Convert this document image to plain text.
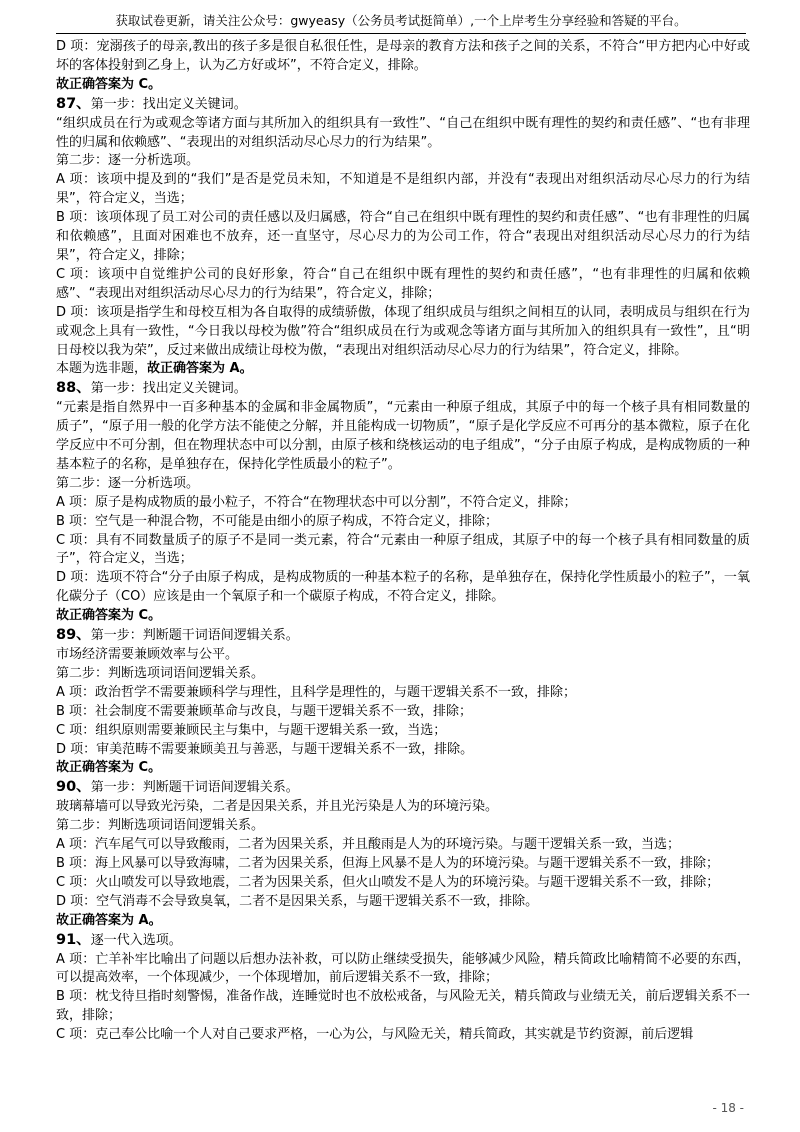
获取试卷更新，请关注公众号：gwyeasy（公务员考试挺简单）,一个上岸考生分享经验和答疑的平台。

D 项：宠溺孩子的母亲,教出的孩子多是很自私很任性，是母亲的教育方法和孩子之间的关系，不符合“甲方把内心中好或坏的客体投射到乙身上，认为乙方好或坏”，不符合定义，排除。

故正确答案为 C。

87、第一步：找出定义关键词。

“组织成员在行为或观念等诸方面与其所加入的组织具有一致性”、“自己在组织中既有理性的契约和责任感”、“也有非理性的归属和依赖感”、“表现出的对组织活动尽心尽力的行为结果”。

第二步：逐一分析选项。

A 项：该项中提及到的“我们”是否是党员未知，不知道是不是组织内部，并没有“表现出对组织活动尽心尽力的行为结果”，符合定义，当选；

B 项：该项体现了员工对公司的责任感以及归属感，符合“自己在组织中既有理性的契约和责任感”、“也有非理性的归属和依赖感”，且面对困难也不放弃，还一直坚守，尽心尽力的为公司工作，符合“表现出对组织活动尽心尽力的行为结果”，符合定义，排除；

C 项：该项中自觉维护公司的良好形象，符合“自己在组织中既有理性的契约和责任感”，“也有非理性的归属和依赖感”、“表现出对组织活动尽心尽力的行为结果”，符合定义，排除；

D 项：该项是指学生和母校互相为各自取得的成绩骄傲，体现了组织成员与组织之间相互的认同，表明成员与组织在行为或观念上具有一致性，“今日我以母校为傲”符合“组织成员在行为或观念等诸方面与其所加入的组织具有一致性”，且“明日母校以我为荣”，反过来做出成绩让母校为傲，“表现出对组织活动尽心尽力的行为结果”，符合定义，排除。

本题为选非题，故正确答案为 A。

88、第一步：找出定义关键词。

“元素是指自然界中一百多种基本的金属和非金属物质”，“元素由一种原子组成，其原子中的每一个核子具有相同数量的质子”，“原子用一般的化学方法不能使之分解，并且能构成一切物质”，“原子是化学反应不可再分的基本微粒，原子在化学反应中不可分割，但在物理状态中可以分割，由原子核和绕核运动的电子组成”，“分子由原子构成，是构成物质的一种基本粒子的名称，是单独存在，保持化学性质最小的粒子”。

第二步：逐一分析选项。

A 项：原子是构成物质的最小粒子，不符合“在物理状态中可以分割”，不符合定义，排除；

B 项：空气是一种混合物，不可能是由细小的原子构成，不符合定义，排除；

C 项：具有不同数量质子的原子不是同一类元素，符合“元素由一种原子组成，其原子中的每一个核子具有相同数量的质子”，符合定义，当选；

D 项：选项不符合“分子由原子构成，是构成物质的一种基本粒子的名称，是单独存在，保持化学性质最小的粒子”，一氧化碳分子（CO）应该是由一个氧原子和一个碳原子构成，不符合定义，排除。

故正确答案为 C。

89、第一步：判断题干词语间逻辑关系。

市场经济需要兼顾效率与公平。

第二步：判断选项词语间逻辑关系。

A 项：政治哲学不需要兼顾科学与理性，且科学是理性的，与题干逻辑关系不一致，排除；

B 项：社会制度不需要兼顾革命与改良，与题干逻辑关系不一致，排除；

C 项：组织原则需要兼顾民主与集中，与题干逻辑关系一致，当选；

D 项：审美范畴不需要兼顾美丑与善恶，与题干逻辑关系不一致，排除。

故正确答案为 C。

90、第一步：判断题干词语间逻辑关系。

玻璃幕墙可以导致光污染，二者是因果关系，并且光污染是人为的环境污染。

第二步：判断选项词语间逻辑关系。

A 项：汽车尾气可以导致酸雨，二者为因果关系，并且酸雨是人为的环境污染。与题干逻辑关系一致，当选；

B 项：海上风暴可以导致海啸，二者为因果关系，但海上风暴不是人为的环境污染。与题干逻辑关系不一致，排除；

C 项：火山喷发可以导致地震，二者为因果关系，但火山喷发不是人为的环境污染。与题干逻辑关系不一致，排除；

D 项：空气消毒不会导致臭氧，二者不是因果关系，与题干逻辑关系不一致，排除。

故正确答案为 A。

91、逐一代入选项。

A 项：亡羊补牢比喻出了问题以后想办法补救，可以防止继续受损失，能够减少风险，精兵简政比喻精简不必要的东西，可以提高效率，一个体现减少，一个体现增加，前后逻辑关系不一致，排除；

B 项：枕戈待旦指时刻警惕，准备作战，连睡觉时也不放松戒备，与风险无关，精兵简政与业绩无关，前后逻辑关系不一致，排除；

C 项：克己奉公比喻一个人对自己要求严格，一心为公，与风险无关，精兵简政，其实就是节约资源，前后逻辑

- 18 -
